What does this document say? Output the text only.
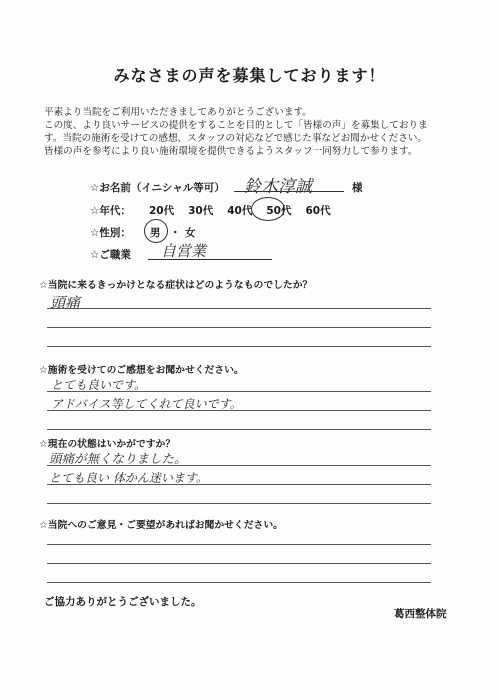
みなさまの声を募集しております！
平素より当院をご利用いただきましてありがとうございます。
この度、より良いサービスの提供をすることを目的として「皆様の声」を募集しておりま
す。当院の施術を受けての感想、スタッフの対応などで感じた事などお聞かせください。
皆様の声を参考により良い施術環境を提供できるようスタッフ一同努力して参ります。
☆お名前（イニシャル等可） 鈴木淳誠	様
☆年代： 20代 30代 40代 50代 60代
☆性別： 男 ・ 女
☆ご職業 自営業
☆当院に来るきっかけとなる症状はどのようなものでしたか？
頭痛
☆施術を受けてのご感想をお聞かせください。
とても良いです。
アドバイス等してくれて良いです。
☆現在の状態はいかがですか？
頭痛が無くなりました。
とても良い 体かん迷います。
☆当院へのご意見・ご要望があればお聞かせください。
ご協力ありがとうございました。
葛西整体院
